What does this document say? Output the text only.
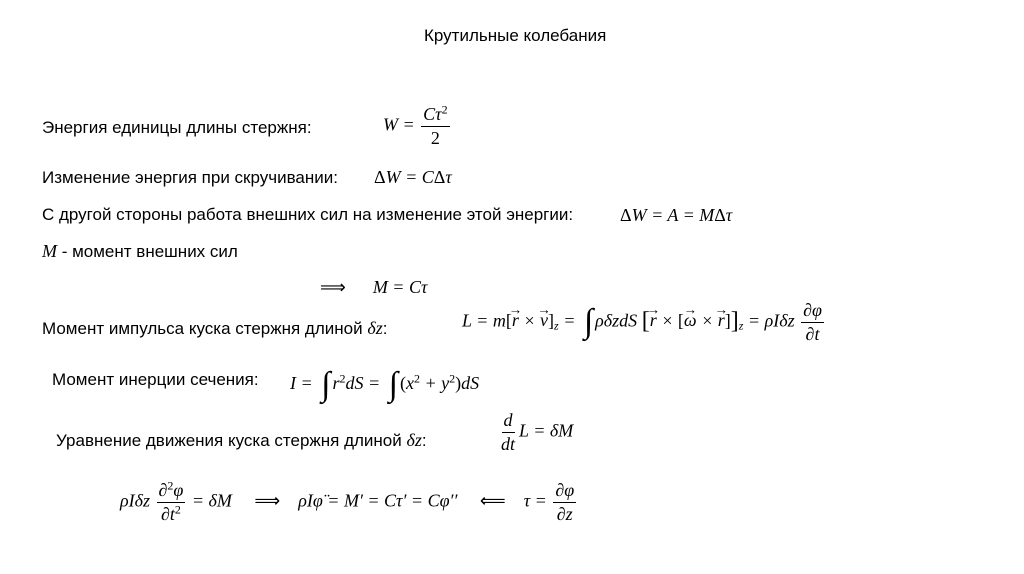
Крутильные колебания
Энергия единицы длины стержня:	$W = \frac{C\tau^2}{2}$
Изменение энергия при скручивании: ΔW = CΔτ
С другой стороны работа внешних сил на изменение этой энергии:	ΔW = A = MΔτ
M - момент внешних сил
⟹      M = Cτ
Момент импульса куска стержня длиной δz:	L = m[→ r × → $v]_z$ = ∫ ρδzdS [→ r × [→ ω × → $r]]_z = \rho I\delta z \frac{\partial\varphi}{\partial t}$
Момент инерции сечения: I = ∫ $r^2dS$ = ∫ $(x^2 + y^2)dS$
Уравнение движения куска стержня длиной δz:	$\frac{d}{dt}$ L = δM
ρIδz $\frac{\partial^2\varphi}{\partial t^2} = \delta M$     ⟹    ρIφ̈ = M′ = Cτ′ = Cφ′′     ⟸    $\tau = \frac{\partial\varphi}{\partial z}$
